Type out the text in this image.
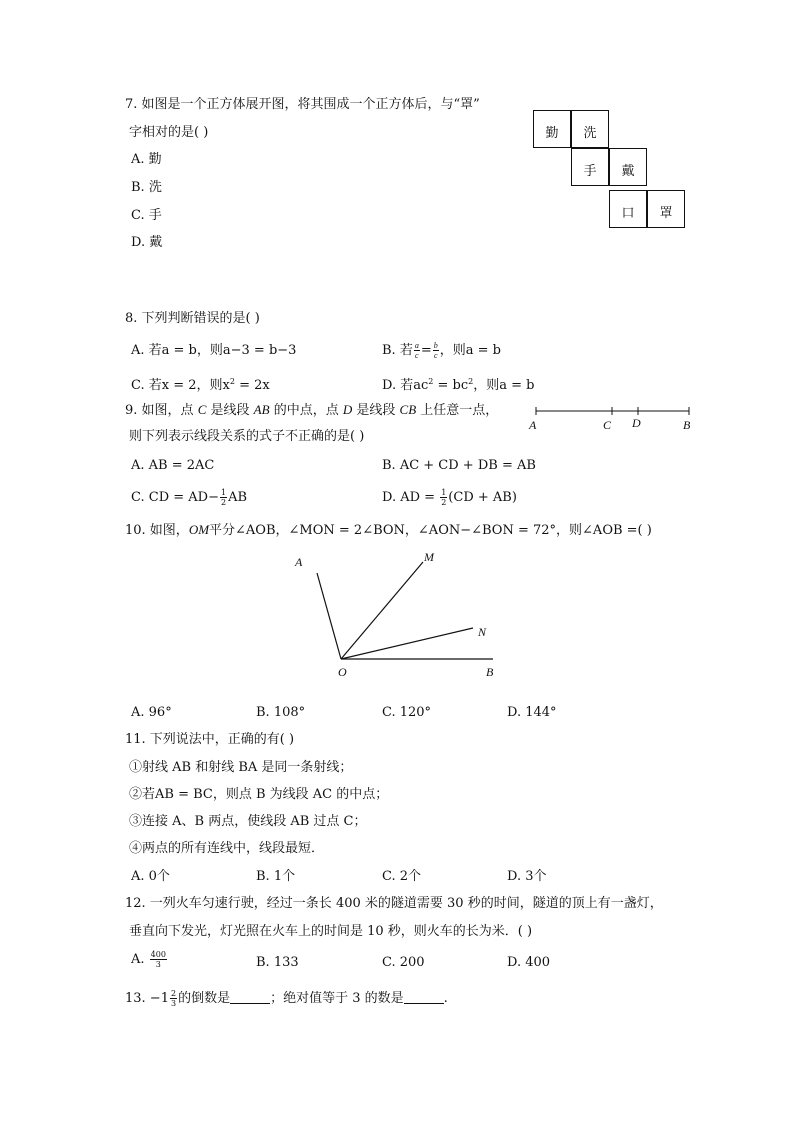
7. 如图是一个正方体展开图，将其围成一个正方体后，与“罩”
字相对的是( )
A. 勤
B. 洗
C. 手
D. 戴
勤	洗
手	戴
口	罩
8. 下列判断错误的是( )
A. 若a = b，则a−3 = b−3	B. 若 $\frac{a}{c} = \frac{b}{c}$ ，则a = b
C. 若x = 2，则$x^2 = 2x$	D. 若$ac^2 = bc^2$，则a = b
9. 如图，点 C 是线段 AB 的中点，点 D 是线段 CB 上任意一点，
则下列表示线段关系的式子不正确的是( )
A	C D	B
A. AB = 2AC	B. AC + CD + DB = AB
C. CD = $AD- \frac{1}{2}$ AB	D. AD = $\frac{1}{2} (CD + AB)$
10. 如图，OM平分∠AOB，∠MON = 2∠BON，∠AON−∠BON = 72°，则∠AOB =( )
A	M
N
O	B
A. 96°	B. 108°	C. 120°	D. 144°
11. 下列说法中，正确的有( )
①射线 AB 和射线 BA 是同一条射线；
②若AB = BC，则点 B 为线段 AC 的中点；
③连接 A、B 两点，使线段 AB 过点 C；
④两点的所有连线中，线段最短．
A. 0个	B. 1个	C. 2个	D. 3个
12. 一列火车匀速行驶，经过一条长 400 米的隧道需要 30 秒的时间，隧道的顶上有一盏灯，
垂直向下发光，灯光照在火车上的时间是 10 秒，则火车的长为米．( )
A. $\frac{400}{3}$	B. 133	C. 200	D. 400
13. $-1 \frac{2}{3}$ 的倒数是	；绝对值等于 3 的数是	.
